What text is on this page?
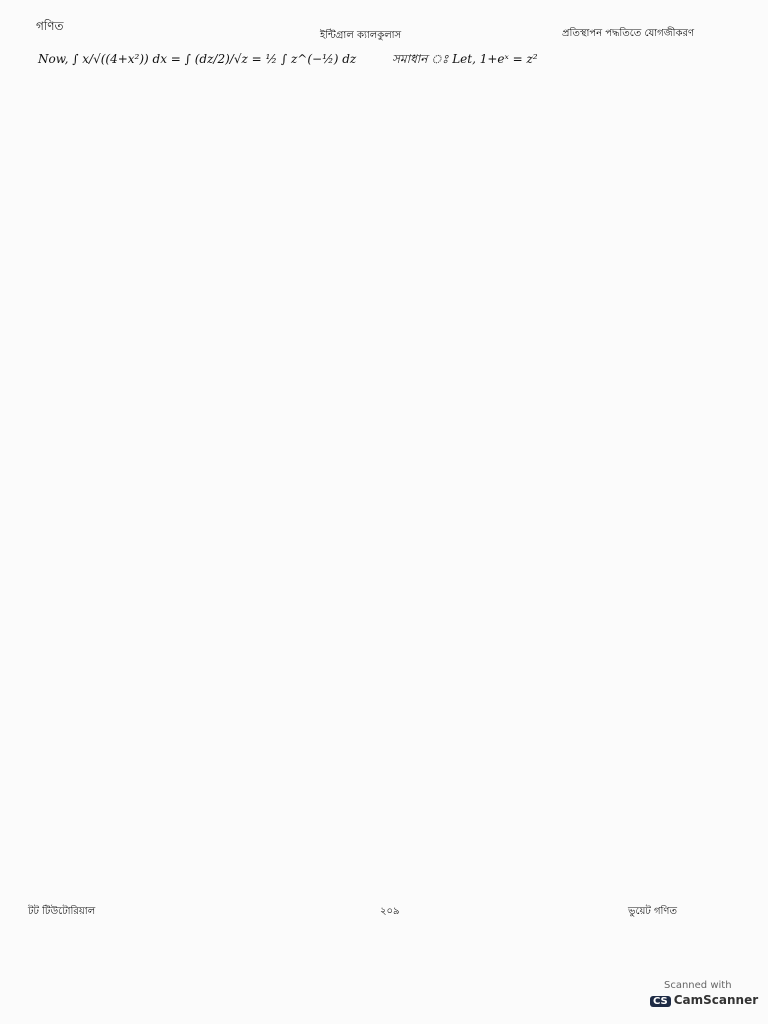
গণিত
ইন্টিগ্রাল ক্যালকুলাস	প্রতিস্থাপন পদ্ধতিতে যোগজীকরণ
Now, ∫ x/√((4+x²)) dx = ∫ (dz/2)/√z = ½ ∫ z^(−½) dz	সমাধান ঃ Let, 1+eˣ = z²
টট টিউটোরিয়াল	২০৯	ভুয়েট গণিত
Scanned with
CS CamScanner
